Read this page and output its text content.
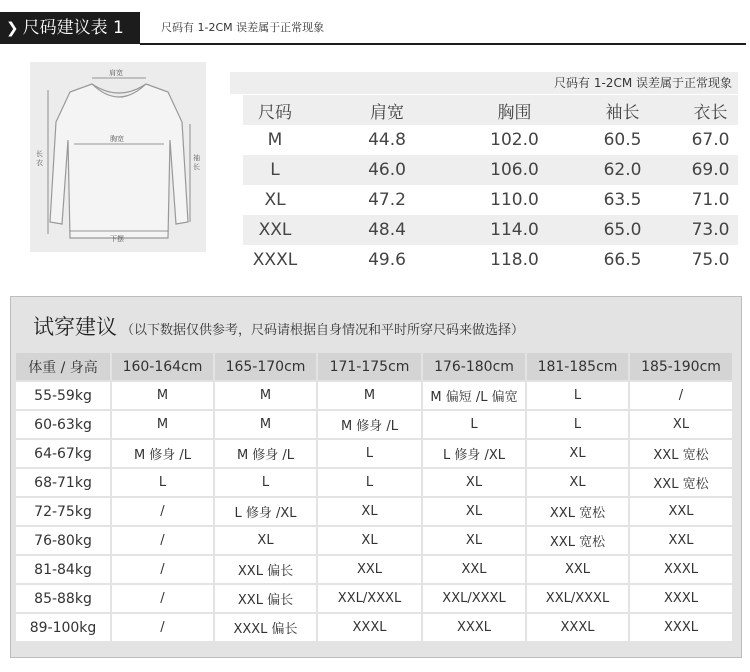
❯ 尺码建议表 1	尺码有 1-2CM 误差属于正常现象
肩宽
胸宽
长衣
袖长
下摆
尺码有 1-2CM 误差属于正常现象
尺码	肩宽	胸围	袖长	衣长
M	44.8	102.0	60.5	67.0
L	46.0	106.0	62.0	69.0
XL	47.2	110.0	63.5	71.0
XXL	48.4	114.0	65.0	73.0
XXXL	49.6	118.0	66.5	75.0
试穿建议 （以下数据仅供参考，尺码请根据自身情况和平时所穿尺码来做选择）
体重 / 身高	160-164cm	165-170cm	171-175cm	176-180cm	181-185cm	185-190cm
55-59kg	M	M	M	M 偏短 /L 偏宽	L	/
60-63kg	M	M	M 修身 /L	L	L	XL
64-67kg	M 修身 /L	M 修身 /L	L	L 修身 /XL	XL	XXL 宽松
68-71kg	L	L	L	XL	XL	XXL 宽松
72-75kg	/	L 修身 /XL	XL	XL	XXL 宽松	XXL
76-80kg	/	XL	XL	XL	XXL 宽松	XXL
81-84kg	/	XXL 偏长	XXL	XXL	XXL	XXXL
85-88kg	/	XXL 偏长	XXL/XXXL	XXL/XXXL	XXL/XXXL	XXXL
89-100kg	/	XXXL 偏长	XXXL	XXXL	XXXL	XXXL
